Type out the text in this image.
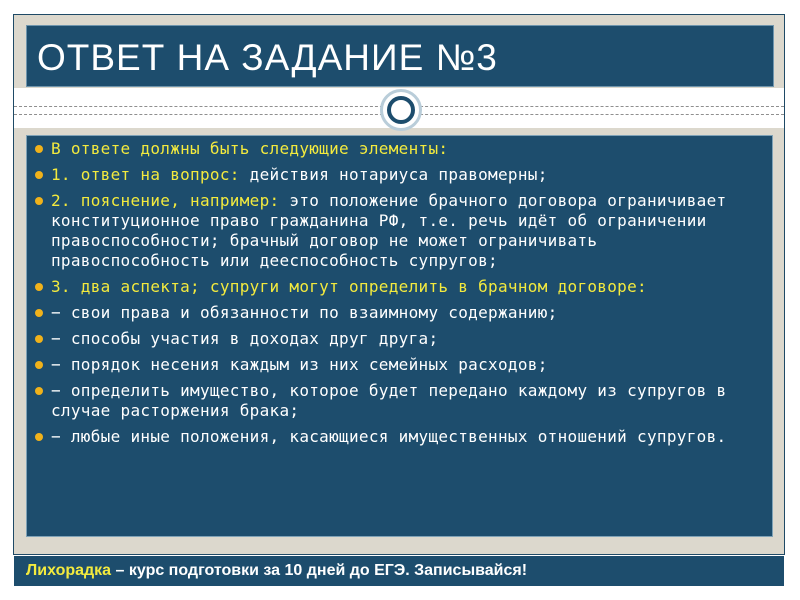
ОТВЕТ НА ЗАДАНИЕ №3
В ответе должны быть следующие элементы:
1. ответ на вопрос: действия нотариуса правомерны;
2. пояснение, например: это положение брачного договора ограничивает конституционное право гражданина РФ, т.е. речь идёт об ограничении правоспособности; брачный договор не может ограничивать правоспособность или дееспособность супругов;
3. два аспекта; супруги могут определить в брачном договоре:
− свои права и обязанности по взаимному содержанию;
− способы участия в доходах друг друга;
− порядок несения каждым из них семейных расходов;
− определить имущество, которое будет передано каждому из супругов в случае расторжения брака;
− любые иные положения, касающиеся имущественных отношений супругов.
Лихорадка – курс подготовки за 10 дней до ЕГЭ. Записывайся!
